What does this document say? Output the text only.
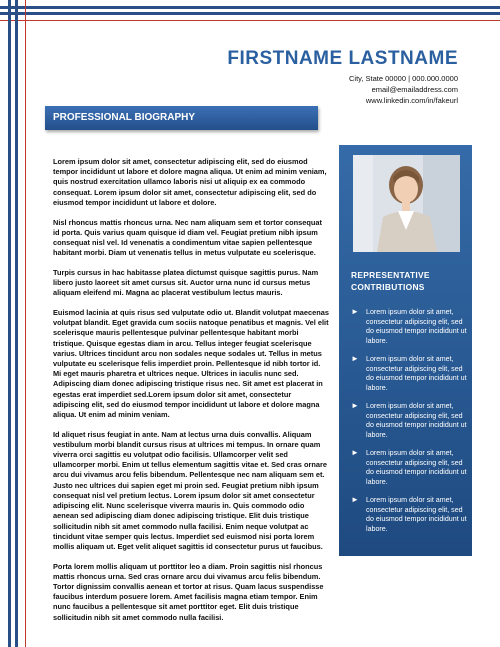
FIRSTNAME LASTNAME
City, State 00000 | 000.000.0000
email@emailaddress.com
www.linkedin.com/in/fakeurl
PROFESSIONAL BIOGRAPHY

Lorem ipsum dolor sit amet, consectetur adipiscing elit, sed do eiusmod tempor incididunt ut labore et dolore magna aliqua. Ut enim ad minim veniam, quis nostrud exercitation ullamco laboris nisi ut aliquip ex ea commodo consequat. Lorem ipsum dolor sit amet, consectetur adipiscing elit, sed do eiusmod tempor incididunt ut labore et dolore.

Nisl rhoncus mattis rhoncus urna. Nec nam aliquam sem et tortor consequat id porta. Quis varius quam quisque id diam vel. Feugiat pretium nibh ipsum consequat nisl vel. Id venenatis a condimentum vitae sapien pellentesque habitant morbi. Diam ut venenatis tellus in metus vulputate eu scelerisque.

Turpis cursus in hac habitasse platea dictumst quisque sagittis purus. Nam libero justo laoreet sit amet cursus sit. Auctor urna nunc id cursus metus aliquam eleifend mi. Magna ac placerat vestibulum lectus mauris.

Euismod lacinia at quis risus sed vulputate odio ut. Blandit volutpat maecenas volutpat blandit. Eget gravida cum sociis natoque penatibus et magnis. Vel elit scelerisque mauris pellentesque pulvinar pellentesque habitant morbi tristique. Quisque egestas diam in arcu. Tellus integer feugiat scelerisque varius. Ultrices tincidunt arcu non sodales neque sodales ut. Tellus in metus vulputate eu scelerisque felis imperdiet proin. Pellentesque id nibh tortor id. Mi eget mauris pharetra et ultrices neque. Ultrices in iaculis nunc sed. Adipiscing diam donec adipiscing tristique risus nec. Sit amet est placerat in egestas erat imperdiet sed.Lorem ipsum dolor sit amet, consectetur adipiscing elit, sed do eiusmod tempor incididunt ut labore et dolore magna aliqua. Ut enim ad minim veniam.

Id aliquet risus feugiat in ante. Nam at lectus urna duis convallis. Aliquam vestibulum morbi blandit cursus risus at ultrices mi tempus. In ornare quam viverra orci sagittis eu volutpat odio facilisis. Ullamcorper velit sed ullamcorper morbi. Enim ut tellus elementum sagittis vitae et. Sed cras ornare arcu dui vivamus arcu felis bibendum. Pellentesque nec nam aliquam sem et. Justo nec ultrices dui sapien eget mi proin sed. Feugiat pretium nibh ipsum consequat nisl vel pretium lectus. Lorem ipsum dolor sit amet consectetur adipiscing elit. Nunc scelerisque viverra mauris in. Quis commodo odio aenean sed adipiscing diam donec adipiscing tristique. Elit duis tristique sollicitudin nibh sit amet commodo nulla facilisi. Enim neque volutpat ac tincidunt vitae semper quis lectus. Imperdiet sed euismod nisi porta lorem mollis aliquam ut. Eget velit aliquet sagittis id consectetur purus ut faucibus.

Porta lorem mollis aliquam ut porttitor leo a diam. Proin sagittis nisl rhoncus mattis rhoncus urna. Sed cras ornare arcu dui vivamus arcu felis bibendum. Tortor dignissim convallis aenean et tortor at risus. Quam lacus suspendisse faucibus interdum posuere lorem. Amet facilisis magna etiam tempor. Enim nunc faucibus a pellentesque sit amet porttitor eget. Elit duis tristique sollicitudin nibh sit amet commodo nulla facilisi.

REPRESENTATIVE CONTRIBUTIONS
► Lorem ipsum dolor sit amet, consectetur adipiscing elit, sed do eiusmod tempor incididunt ut labore.
► Lorem ipsum dolor sit amet, consectetur adipiscing elit, sed do eiusmod tempor incididunt ut labore.
► Lorem ipsum dolor sit amet, consectetur adipiscing elit, sed do eiusmod tempor incididunt ut labore.
► Lorem ipsum dolor sit amet, consectetur adipiscing elit, sed do eiusmod tempor incididunt ut labore.
► Lorem ipsum dolor sit amet, consectetur adipiscing elit, sed do eiusmod tempor incididunt ut labore.
